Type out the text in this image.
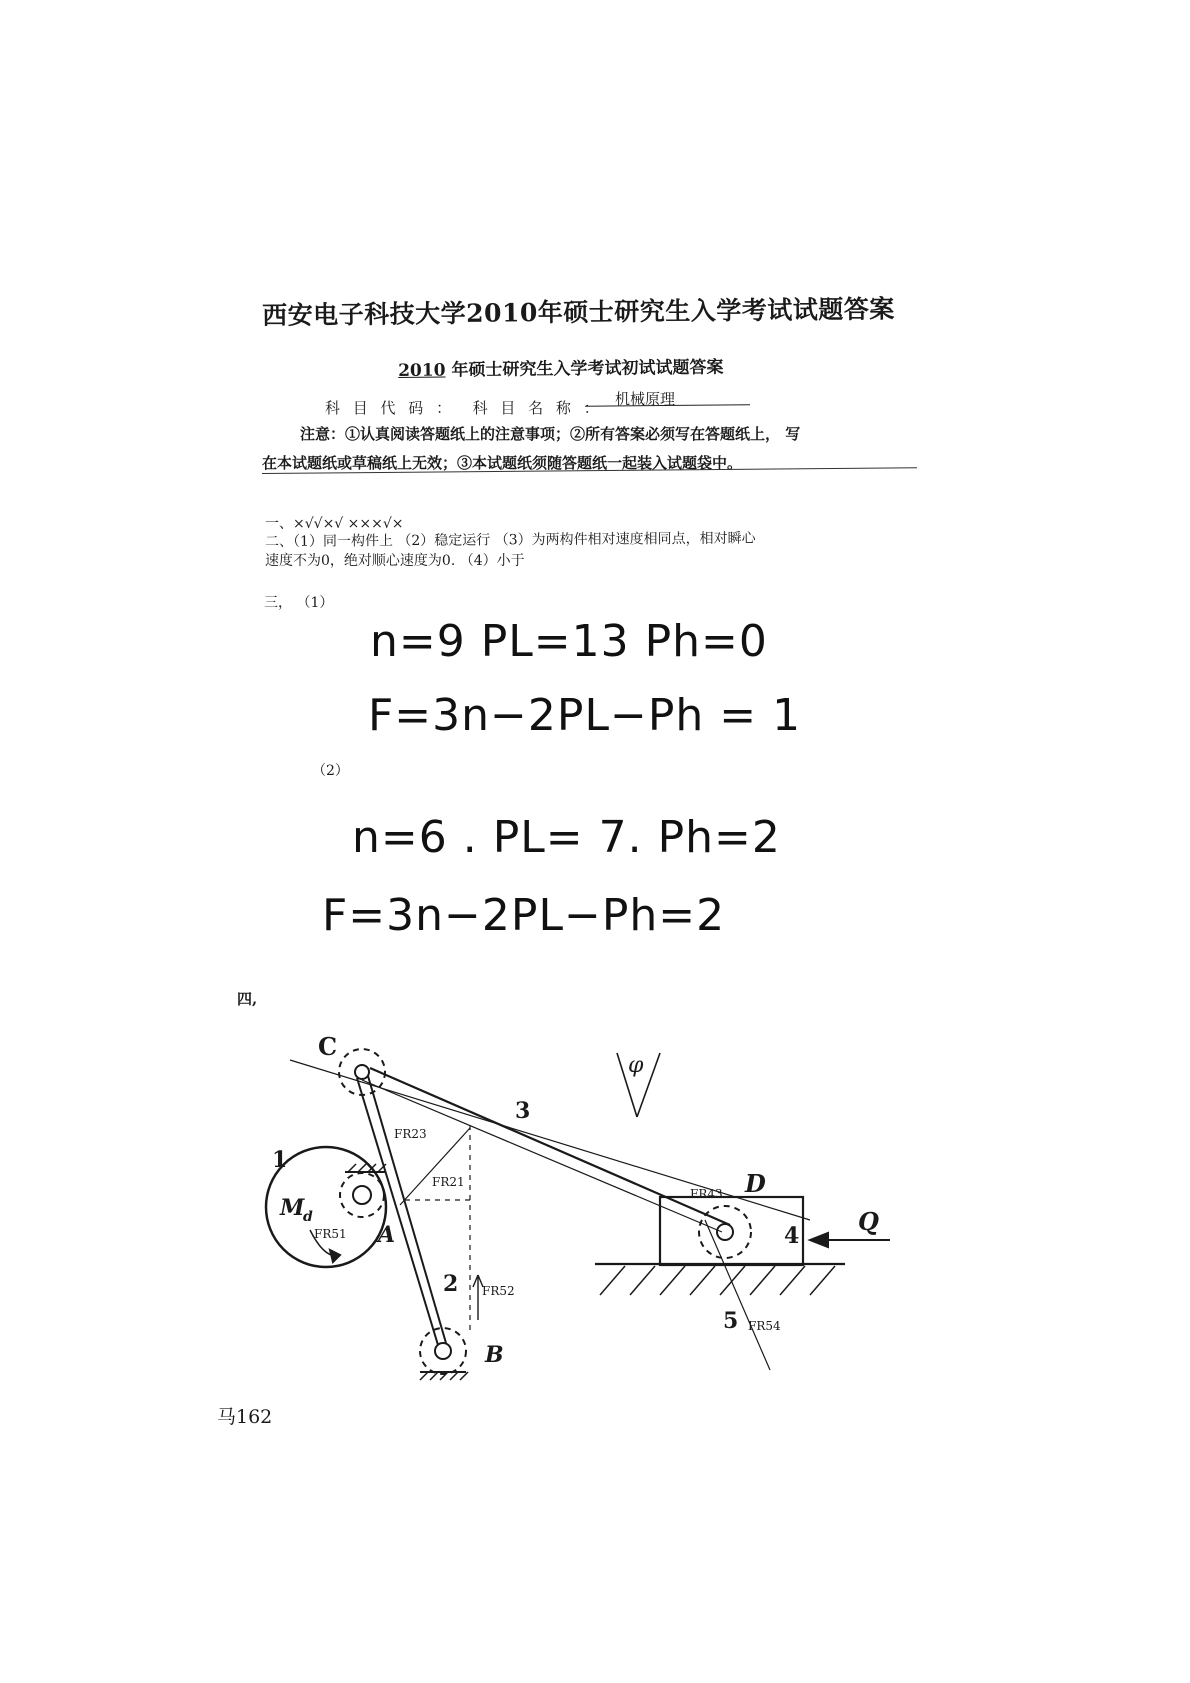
西安电子科技大学2010年硕士研究生入学考试试题答案
2010 年硕士研究生入学考试初试试题答案
科 目 代 码 ： 科 目 名 称 ： 机械原理
注意：①认真阅读答题纸上的注意事项；②所有答案必须写在答题纸上， 写
在本试题纸或草稿纸上无效；③本试题纸须随答题纸一起装入试题袋中。
一、×√√×√ ×××√×
二、（1）同一构件上 （2）稳定运行 （3）为两构件相对速度相同点，相对瞬心
速度不为0，绝对顺心速度为0. （4）小于
三， （1）
n=9 PL=13 Ph=0
F=3n−2PL−Ph = 1
（2）
n=6 . PL= 7. Ph=2
F=3n−2PL−Ph=2
四,
C
D
A
B
1
2
3
4
5
Q
φ
M
d
FR23
FR21
FR51
FR52
FR43
FR54
马162
